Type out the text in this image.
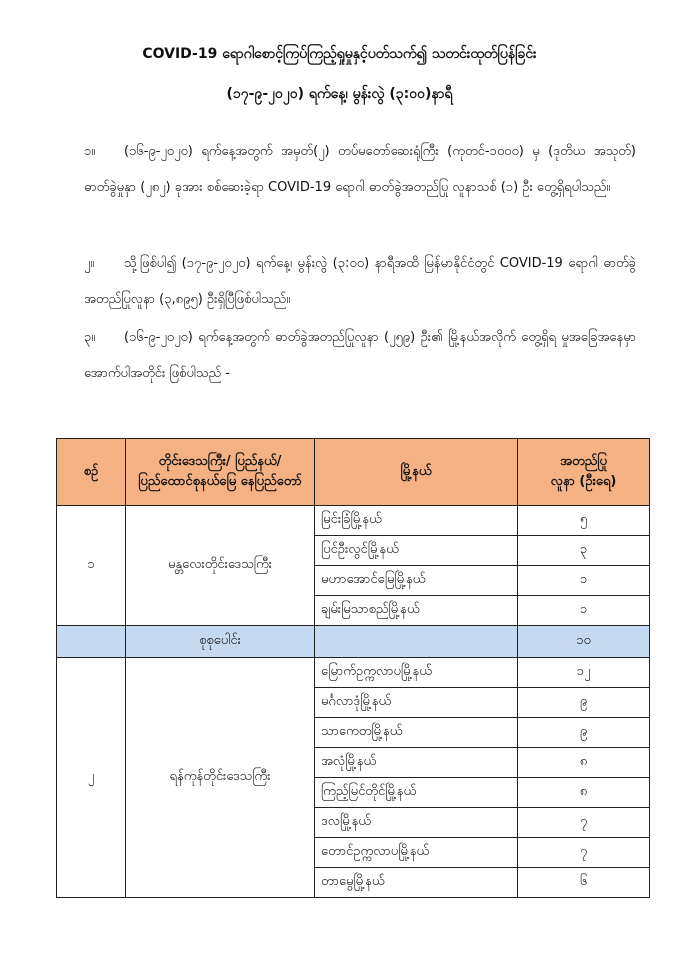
COVID-19 ရောဂါစောင့်ကြပ်ကြည့်ရှုမှုနှင့်ပတ်သက်၍ သတင်းထုတ်ပြန်ခြင်း
(၁၇-၉-၂၀၂၀) ရက်နေ့၊ မွန်းလွဲ (၃:၀၀)နာရီ
၁။ (၁၆-၉-၂၀၂၀) ရက်နေ့အတွက် အမှတ်(၂) တပ်မတော်ဆေးရုံကြီး (ကုတင်-၁၀၀၀) မှ (ဒုတိယ အသုတ်) ဓာတ်ခွဲမှုနှာ (၂၈၂) ခုအား စစ်ဆေးခဲ့ရာ COVID-19 ရောဂါ ဓာတ်ခွဲအတည်ပြု လူနာသစ် (၁) ဦး တွေ့ရှိရပါသည်။
၂။ သို့ဖြစ်ပါ၍ (၁၇-၉-၂၀၂၀) ရက်နေ့၊ မွန်းလွဲ (၃:၀၀) နာရီအထိ မြန်မာနိုင်ငံတွင် COVID-19 ရောဂါ ဓာတ်ခွဲအတည်ပြုလူနာ (၃,၈၉၅) ဦးရှိပြီဖြစ်ပါသည်။
၃။ (၁၆-၉-၂၀၂၀) ရက်နေ့အတွက် ဓာတ်ခွဲအတည်ပြုလူနာ (၂၅၉) ဦး၏ မြို့နယ်အလိုက် တွေ့ရှိရ မှုအခြေအနေမှာ အောက်ပါအတိုင်း ဖြစ်ပါသည် -
စဉ်	တိုင်းဒေသကြီး/ ပြည်နယ်/
ပြည်ထောင်စုနယ်မြေ နေပြည်တော်	မြို့နယ်	အတည်ပြု
လူနာ (ဦးရေ)
၁	မန္တလေးတိုင်းဒေသကြီး	မြင်းခြံမြို့နယ်	၅
		ပြင်ဦးလွင်မြို့နယ်	၃
		မဟာအောင်မြေမြို့နယ်	၁
		ချမ်းမြသာစည်မြို့နယ်	၁
	စုစုပေါင်း		၁၀
၂	ရန်ကုန်တိုင်းဒေသကြီး	မြောက်ဥက္ကလာပမြို့နယ်	၁၂
		မင်္ဂလာဒုံမြို့နယ်	၉
		သာကေတမြို့နယ်	၉
		အလုံမြို့နယ်	၈
		ကြည့်မြင်တိုင်မြို့နယ်	၈
		ဒလမြို့နယ်	၇
		တောင်ဥက္ကလာပမြို့နယ်	၇
		တာမွေမြို့နယ်	၆
